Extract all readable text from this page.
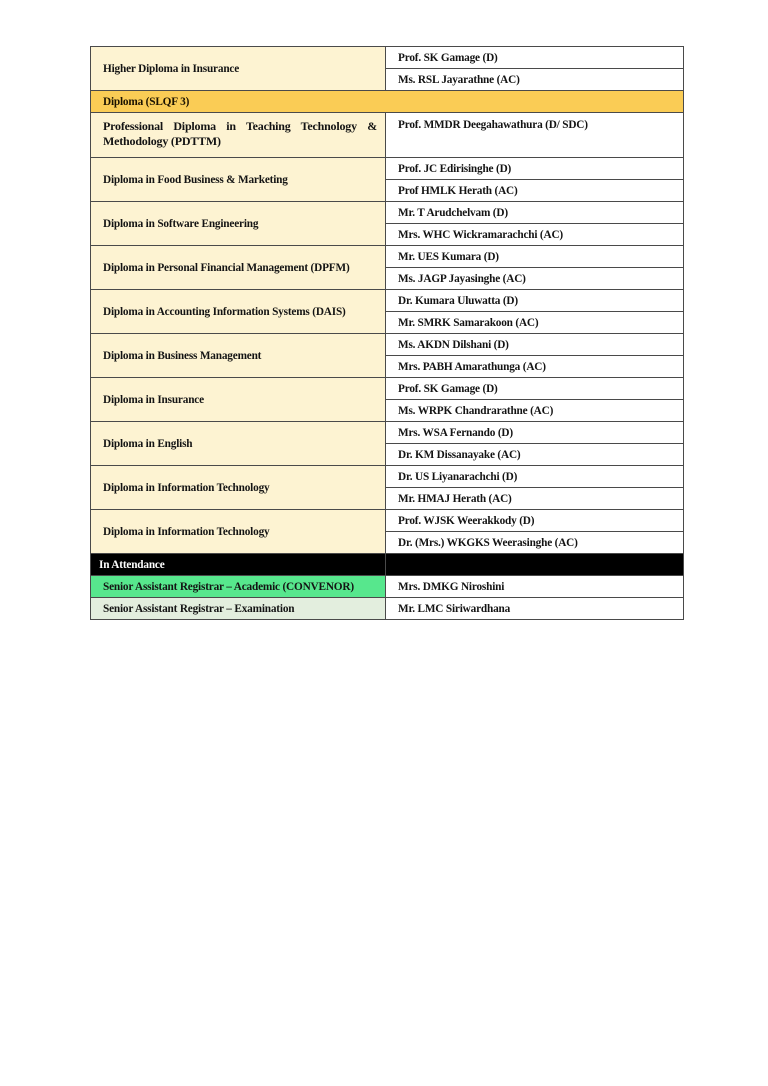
Higher Diploma in Insurance	Prof. SK Gamage (D)
	Ms. RSL Jayarathne (AC)
Diploma (SLQF 3)	
Professional Diploma in Teaching Technology & Methodology (PDTTM)	Prof. MMDR Deegahawathura (D/ SDC)
Diploma in Food Business & Marketing	Prof. JC Edirisinghe (D)
	Prof HMLK Herath (AC)
Diploma in Software Engineering	Mr. T Arudchelvam (D)
	Mrs. WHC Wickramarachchi (AC)
Diploma in Personal Financial Management (DPFM)	Mr. UES Kumara (D)
	Ms. JAGP Jayasinghe (AC)
Diploma in Accounting Information Systems (DAIS)	Dr. Kumara Uluwatta (D)
	Mr. SMRK Samarakoon (AC)
Diploma in Business Management	Ms. AKDN Dilshani (D)
	Mrs. PABH Amarathunga (AC)
Diploma in Insurance	Prof. SK Gamage (D)
	Ms. WRPK Chandrarathne (AC)
Diploma in English	Mrs. WSA Fernando (D)
	Dr. KM Dissanayake (AC)
Diploma in Information Technology	Dr. US Liyanarachchi (D)
	Mr. HMAJ Herath (AC)
Diploma in Information Technology	Prof. WJSK Weerakkody (D)
	Dr. (Mrs.) WKGKS Weerasinghe (AC)
In Attendance	
Senior Assistant Registrar – Academic (CONVENOR)	Mrs. DMKG Niroshini
Senior Assistant Registrar – Examination	Mr. LMC Siriwardhana
